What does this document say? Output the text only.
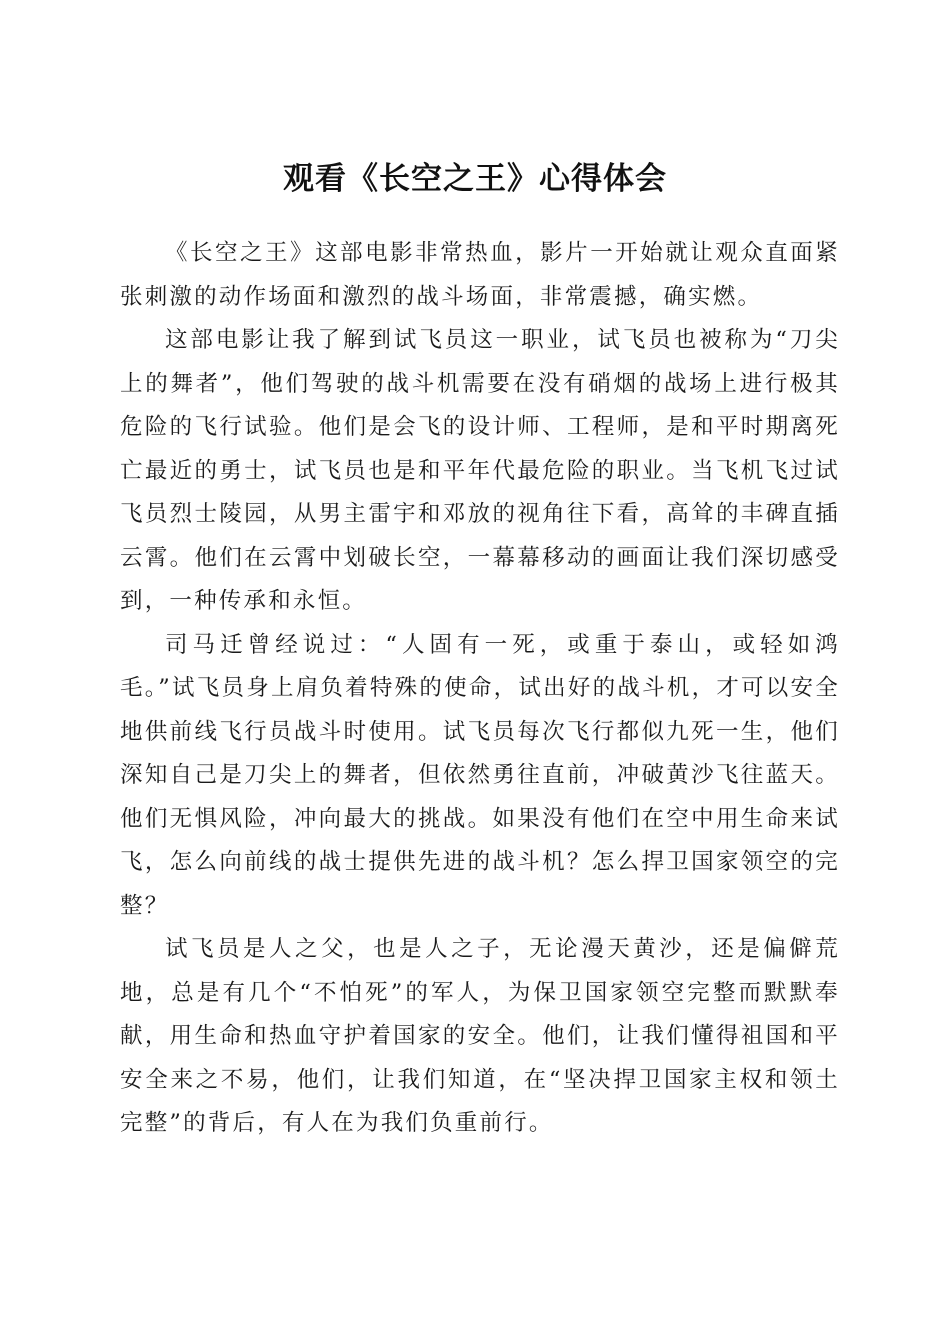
观看《长空之王》心得体会

《长空之王》这部电影非常热血，影片一开始就让观众直面紧张刺激的动作场面和激烈的战斗场面，非常震撼，确实燃。

这部电影让我了解到试飞员这一职业，试飞员也被称为“刀尖上的舞者”，他们驾驶的战斗机需要在没有硝烟的战场上进行极其危险的飞行试验。他们是会飞的设计师、工程师，是和平时期离死亡最近的勇士，试飞员也是和平年代最危险的职业。当飞机飞过试飞员烈士陵园，从男主雷宇和邓放的视角往下看，高耸的丰碑直插云霄。他们在云霄中划破长空，一幕幕移动的画面让我们深切感受到，一种传承和永恒。

司马迁曾经说过：“人固有一死，或重于泰山，或轻如鸿毛。”试飞员身上肩负着特殊的使命，试出好的战斗机，才可以安全地供前线飞行员战斗时使用。试飞员每次飞行都似九死一生，他们深知自己是刀尖上的舞者，但依然勇往直前，冲破黄沙飞往蓝天。他们无惧风险，冲向最大的挑战。如果没有他们在空中用生命来试飞，怎么向前线的战士提供先进的战斗机？怎么捍卫国家领空的完整？

试飞员是人之父，也是人之子，无论漫天黄沙，还是偏僻荒地，总是有几个“不怕死”的军人，为保卫国家领空完整而默默奉献，用生命和热血守护着国家的安全。他们，让我们懂得祖国和平安全来之不易，他们，让我们知道，在“坚决捍卫国家主权和领土完整”的背后，有人在为我们负重前行。
